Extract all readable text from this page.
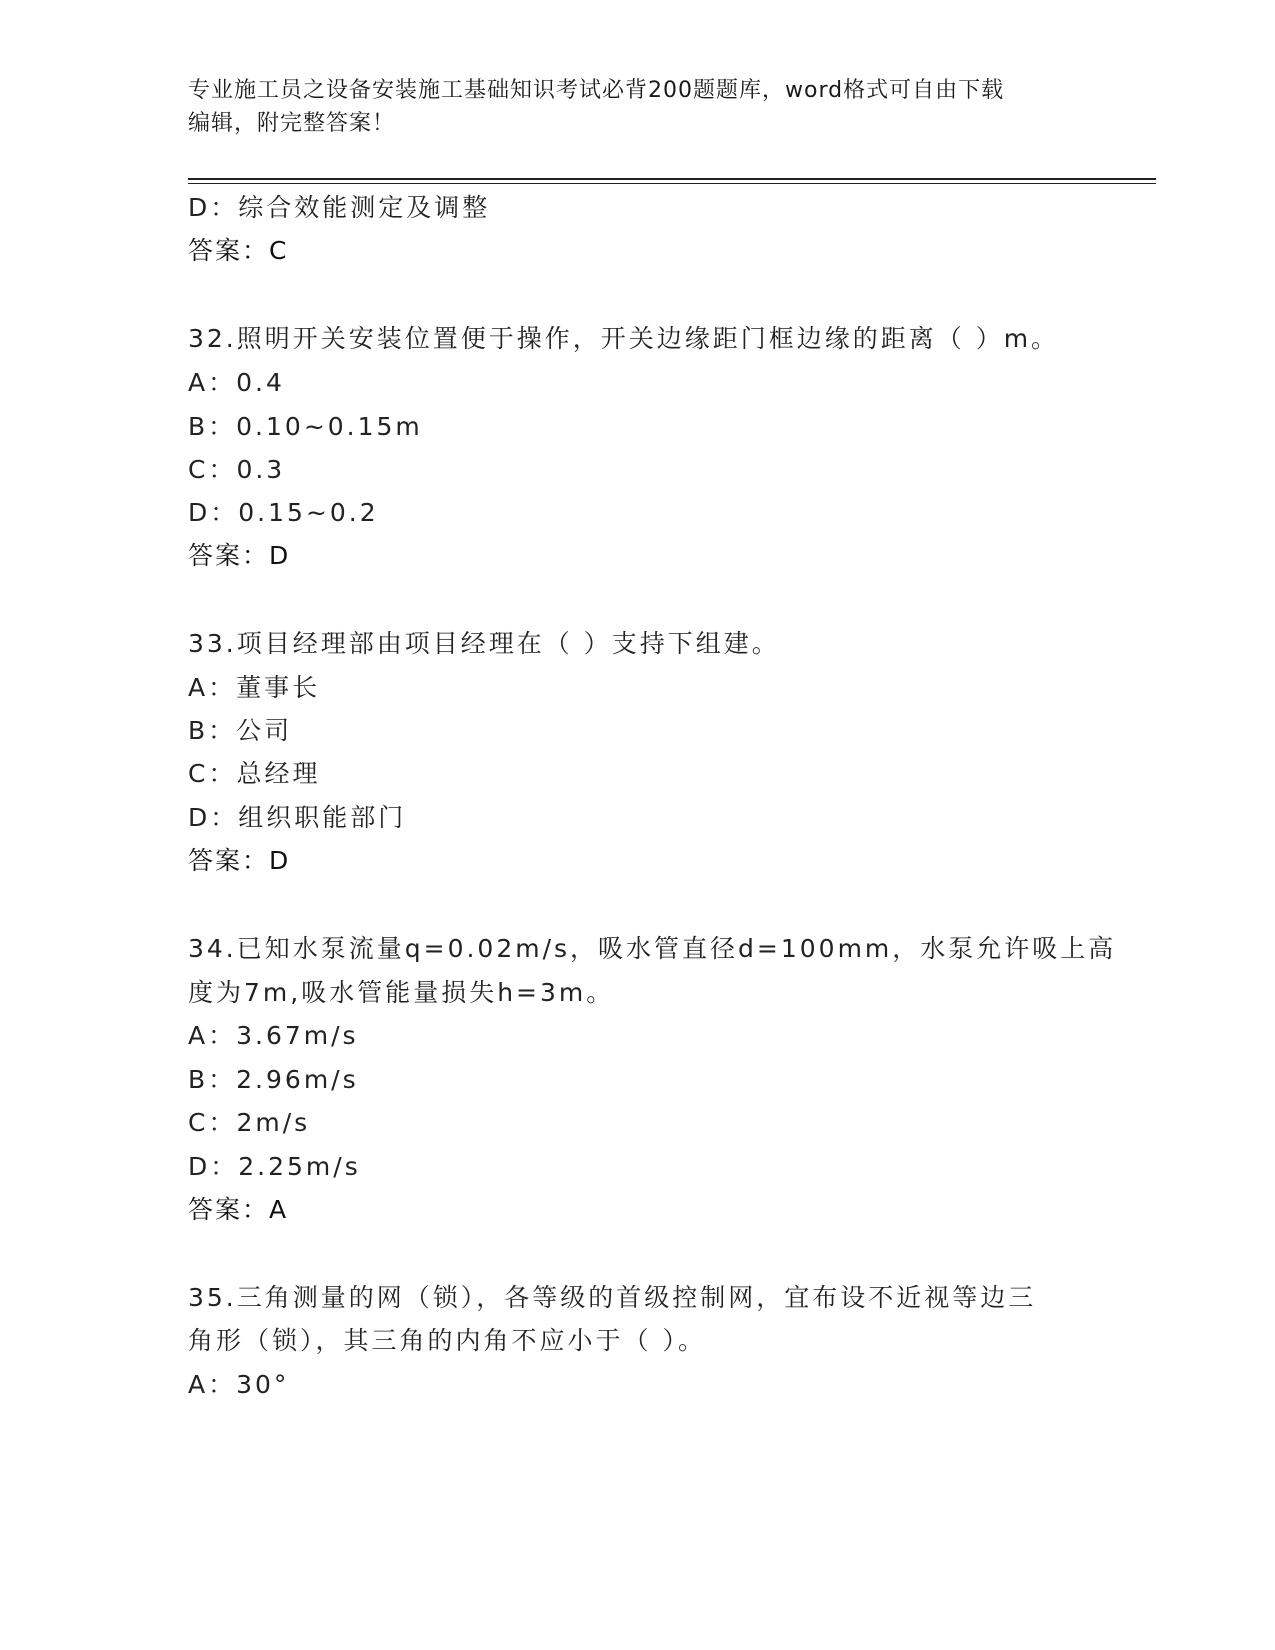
专业施工员之设备安装施工基础知识考试必背200题题库，word格式可自由下载
编辑，附完整答案！
D：综合效能测定及调整
答案：C
32.照明开关安装位置便于操作，开关边缘距门框边缘的距离（ ）m。
A：0.4
B：0.10~0.15m
C：0.3
D：0.15~0.2
答案：D
33.项目经理部由项目经理在（ ）支持下组建。
A：董事长
B：公司
C：总经理
D：组织职能部门
答案：D
34.已知水泵流量q=0.02m/s，吸水管直径d=100mm，水泵允许吸上高
度为7m,吸水管能量损失h=3m。
A：3.67m/s
B：2.96m/s
C：2m/s
D：2.25m/s
答案：A
35.三角测量的网（锁），各等级的首级控制网，宜布设不近视等边三
角形（锁），其三角的内角不应小于（ ）。
A：30°
